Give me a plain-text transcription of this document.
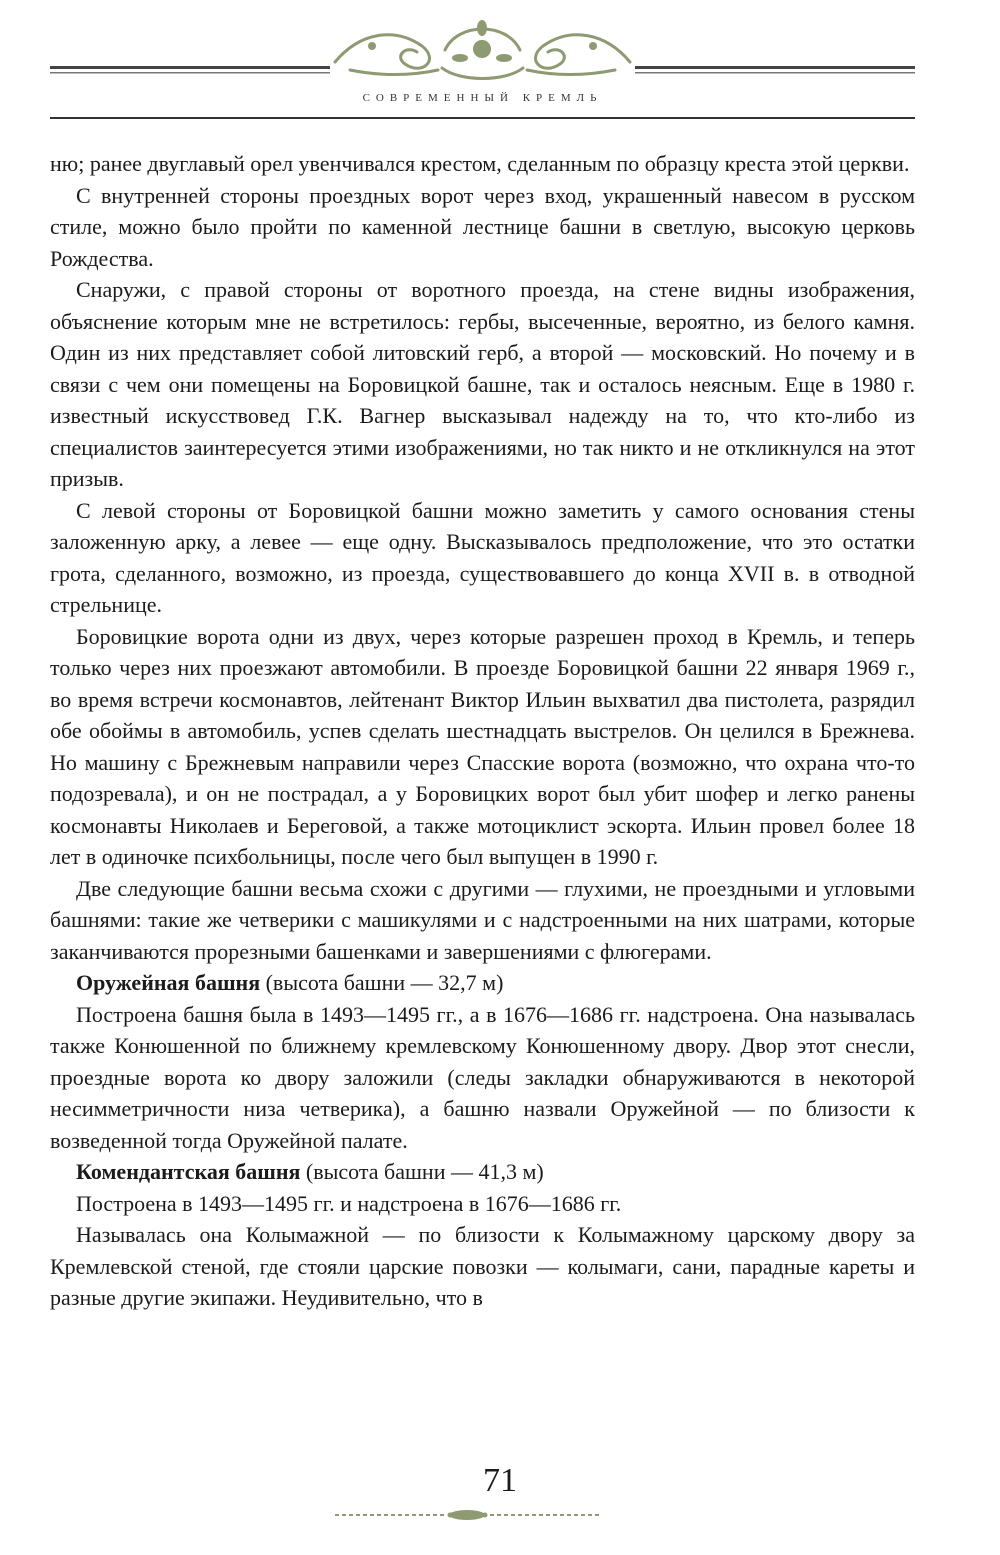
СОВРЕМЕННЫЙ КРЕМЛЬ

ню; ранее двуглавый орел увенчивался крестом, сделанным по образцу креста этой церкви.

С внутренней стороны проездных ворот через вход, украшенный навесом в русском стиле, можно было пройти по каменной лестнице башни в светлую, высокую церковь Рождества.

Снаружи, с правой стороны от воротного проезда, на стене видны изображения, объяснение которым мне не встретилось: гербы, высеченные, вероятно, из белого камня. Один из них представляет собой литовский герб, а второй — московский. Но почему и в связи с чем они помещены на Боровицкой башне, так и осталось неясным. Еще в 1980 г. известный искусствовед Г.К. Вагнер высказывал надежду на то, что кто-либо из специалистов заинтересуется этими изображениями, но так никто и не откликнулся на этот призыв.

С левой стороны от Боровицкой башни можно заметить у самого основания стены заложенную арку, а левее — еще одну. Высказывалось предположение, что это остатки грота, сделанного, возможно, из проезда, существовавшего до конца XVII в. в отводной стрельнице.

Боровицкие ворота одни из двух, через которые разрешен проход в Кремль, и теперь только через них проезжают автомобили. В проезде Боровицкой башни 22 января 1969 г., во время встречи космонавтов, лейтенант Виктор Ильин выхватил два пистолета, разрядил обе обоймы в автомобиль, успев сделать шестнадцать выстрелов. Он целился в Брежнева. Но машину с Брежневым направили через Спасские ворота (возможно, что охрана что-то подозревала), и он не пострадал, а у Боровицких ворот был убит шофер и легко ранены космонавты Николаев и Береговой, а также мотоциклист эскорта. Ильин провел более 18 лет в одиночке психбольницы, после чего был выпущен в 1990 г.

Две следующие башни весьма схожи с другими — глухими, не проездными и угловыми башнями: такие же четверики с машикулями и с надстроенными на них шатрами, которые заканчиваются прорезными башенками и завершениями с флюгерами.

Оружейная башня (высота башни — 32,7 м)

Построена башня была в 1493—1495 гг., а в 1676—1686 гг. надстроена. Она называлась также Конюшенной по ближнему кремлевскому Конюшенному двору. Двор этот снесли, проездные ворота ко двору заложили (следы закладки обнаруживаются в некоторой несимметричности низа четверика), а башню назвали Оружейной — по близости к возведенной тогда Оружейной палате.

Комендантская башня (высота башни — 41,3 м)

Построена в 1493—1495 гг. и надстроена в 1676—1686 гг.

Называлась она Колымажной — по близости к Колымажному царскому двору за Кремлевской стеной, где стояли царские повозки — колымаги, сани, парадные кареты и разные другие экипажи. Неудивительно, что в

71
